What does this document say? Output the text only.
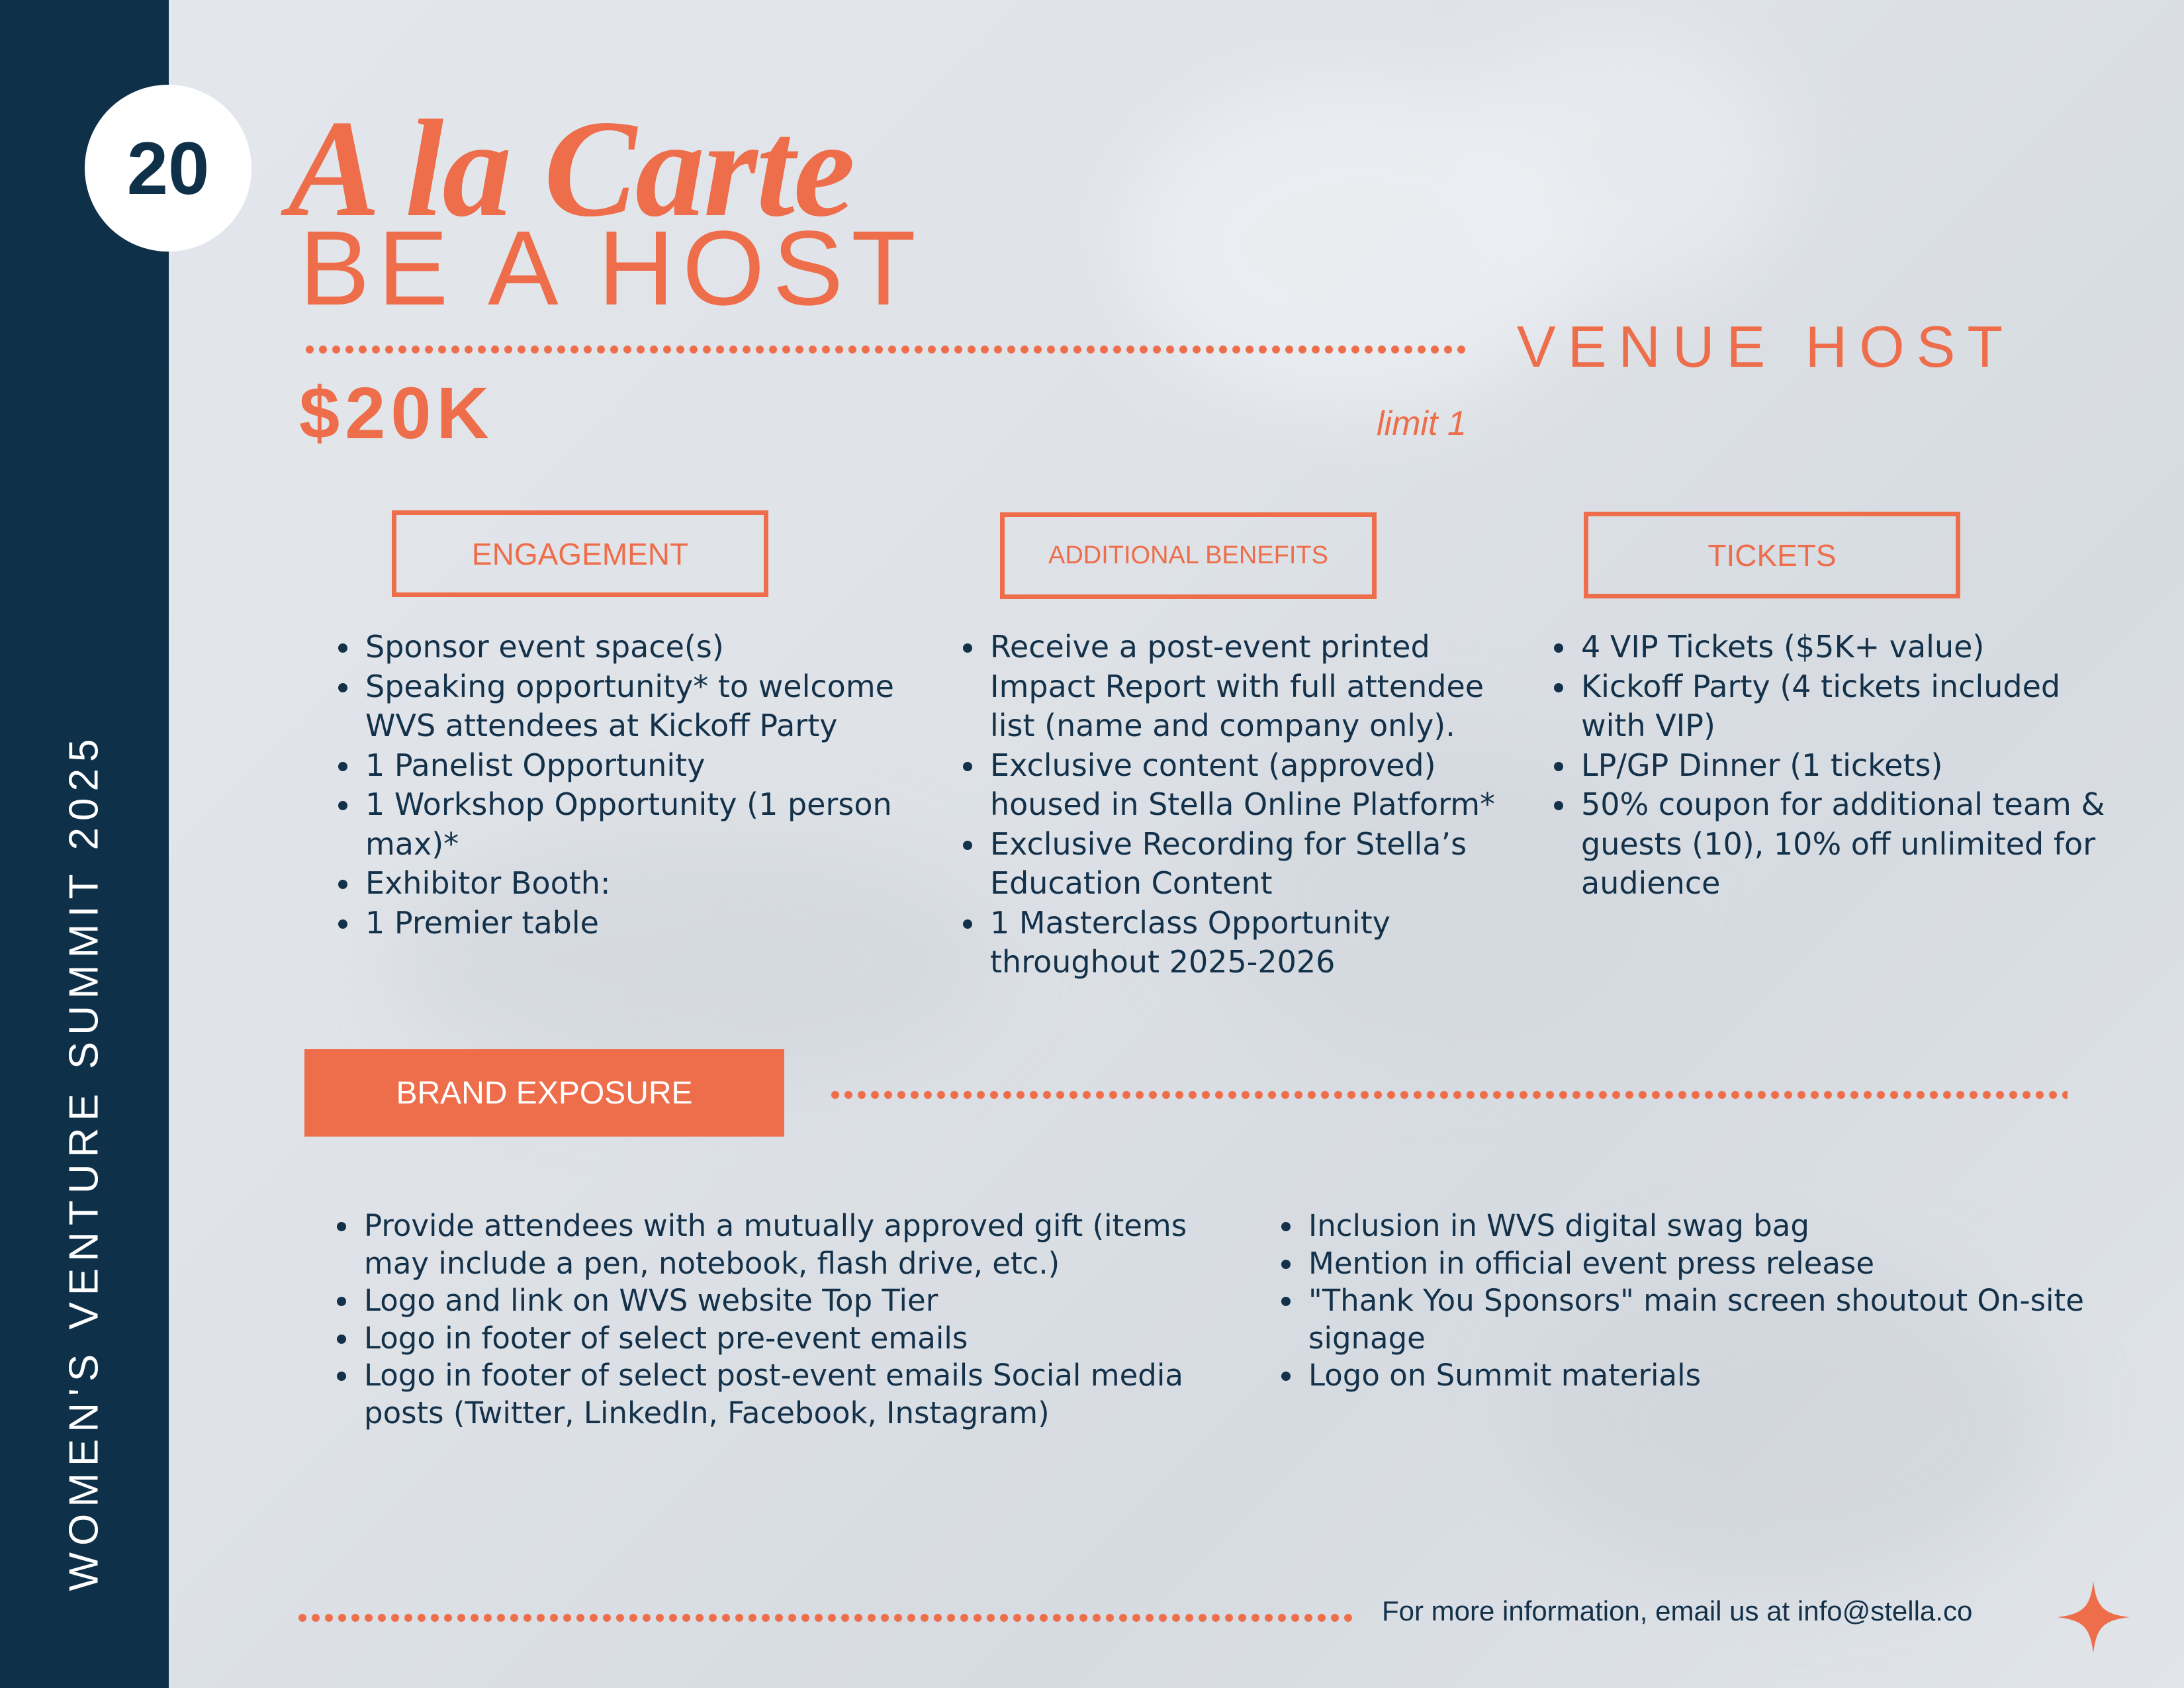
WOMEN'S VENTURE SUMMIT 2025
20 A la Carte
BE A HOST
$20K	limit 1
VENUE HOST
ENGAGEMENT
• Sponsor event space(s)
• Speaking opportunity* to welcome WVS attendees at Kickoff Party
• 1 Panelist Opportunity
• 1 Workshop Opportunity (1 person max)*
• Exhibitor Booth:
• 1 Premier table
ADDITIONAL BENEFITS
• Receive a post-event printed Impact Report with full attendee list (name and company only).
• Exclusive content (approved) housed in Stella Online Platform*
• Exclusive Recording for Stella’s Education Content
• 1 Masterclass Opportunity throughout 2025-2026
TICKETS
• 4 VIP Tickets ($5K+ value)
• Kickoff Party (4 tickets included with VIP)
• LP/GP Dinner (1 tickets)
• 50% coupon for additional team & guests (10), 10% off unlimited for audience
BRAND EXPOSURE
• Provide attendees with a mutually approved gift (items may include a pen, notebook, flash drive, etc.)
• Logo and link on WVS website Top Tier
• Logo in footer of select pre-event emails
• Logo in footer of select post-event emails Social media posts (Twitter, LinkedIn, Facebook, Instagram)
• Inclusion in WVS digital swag bag
• Mention in official event press release
• "Thank You Sponsors" main screen shoutout On-site signage
• Logo on Summit materials
For more information, email us at info@stella.co
